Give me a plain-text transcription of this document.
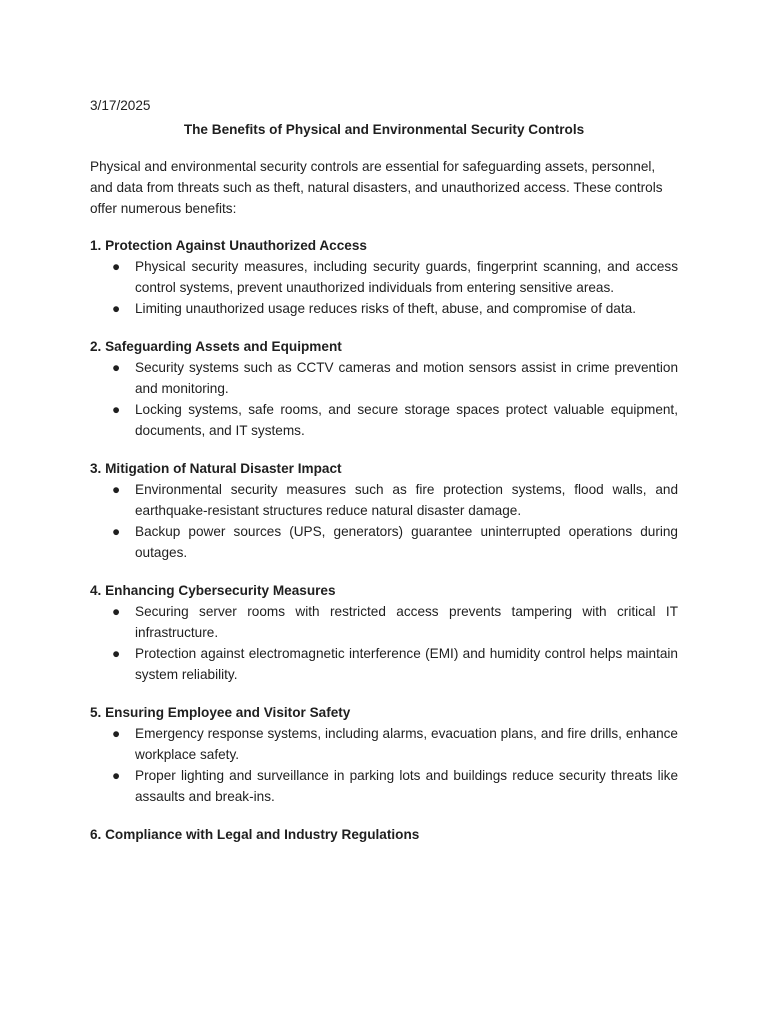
3/17/2025

The Benefits of Physical and Environmental Security Controls

Physical and environmental security controls are essential for safeguarding assets, personnel, and data from threats such as theft, natural disasters, and unauthorized access. These controls offer numerous benefits:

1. Protection Against Unauthorized Access

● Physical security measures, including security guards, fingerprint scanning, and access control systems, prevent unauthorized individuals from entering sensitive areas.
● Limiting unauthorized usage reduces risks of theft, abuse, and compromise of data.

2. Safeguarding Assets and Equipment

● Security systems such as CCTV cameras and motion sensors assist in crime prevention and monitoring.
● Locking systems, safe rooms, and secure storage spaces protect valuable equipment, documents, and IT systems.

3. Mitigation of Natural Disaster Impact

● Environmental security measures such as fire protection systems, flood walls, and earthquake-resistant structures reduce natural disaster damage.
● Backup power sources (UPS, generators) guarantee uninterrupted operations during outages.

4. Enhancing Cybersecurity Measures

● Securing server rooms with restricted access prevents tampering with critical IT infrastructure.
● Protection against electromagnetic interference (EMI) and humidity control helps maintain system reliability.

5. Ensuring Employee and Visitor Safety

● Emergency response systems, including alarms, evacuation plans, and fire drills, enhance workplace safety.
● Proper lighting and surveillance in parking lots and buildings reduce security threats like assaults and break-ins.

6. Compliance with Legal and Industry Regulations
